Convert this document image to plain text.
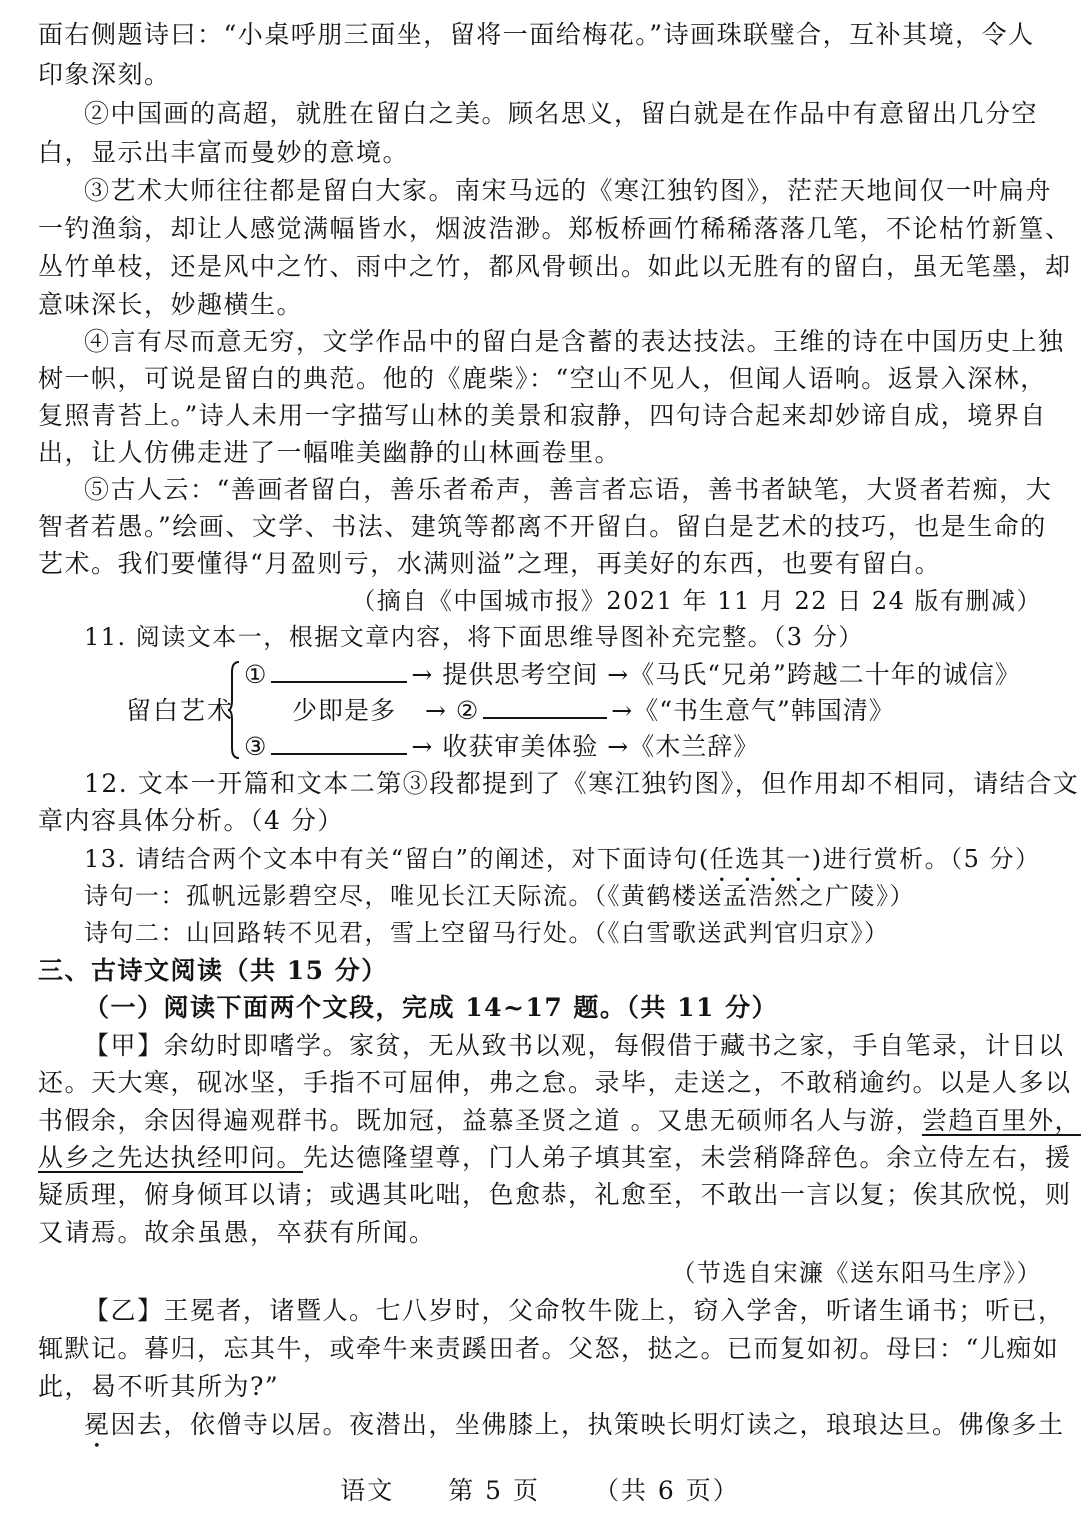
面右侧题诗曰：“小桌呼朋三面坐，留将一面给梅花。”诗画珠联璧合，互补其境，令人
印象深刻。
②中国画的高超，就胜在留白之美。顾名思义，留白就是在作品中有意留出几分空
白，显示出丰富而曼妙的意境。
③艺术大师往往都是留白大家。南宋马远的《寒江独钓图》，茫茫天地间仅一叶扁舟
一钓渔翁，却让人感觉满幅皆水，烟波浩渺。郑板桥画竹稀稀落落几笔，不论枯竹新篁、
丛竹单枝，还是风中之竹、雨中之竹，都风骨顿出。如此以无胜有的留白，虽无笔墨，却
意味深长，妙趣横生。
④言有尽而意无穷，文学作品中的留白是含蓄的表达技法。王维的诗在中国历史上独
树一帜，可说是留白的典范。他的《鹿柴》：“空山不见人，但闻人语响。返景入深林，
复照青苔上。”诗人未用一字描写山林的美景和寂静，四句诗合起来却妙谛自成，境界自
出，让人仿佛走进了一幅唯美幽静的山林画卷里。
⑤古人云：“善画者留白，善乐者希声，善言者忘语，善书者缺笔，大贤者若痴，大
智者若愚。”绘画、文学、书法、建筑等都离不开留白。留白是艺术的技巧，也是生命的
艺术。我们要懂得“月盈则亏，水满则溢”之理，再美好的东西，也要有留白。
（摘自《中国城市报》2021 年 11 月 22 日 24 版有删减）
11. 阅读文本一，根据文章内容，将下面思维导图补充完整。（3 分）
留白艺术
①	→ 提供思考空间 →《马氏“兄弟”跨越二十年的诚信》
少即是多 → ②	→《“书生意气”韩国清》
③	→ 收获审美体验 →《木兰辞》
12. 文本一开篇和文本二第③段都提到了《寒江独钓图》，但作用却不相同，请结合文
章内容具体分析。（4 分）
13. 请结合两个文本中有关“留白”的阐述，对下面诗句(任选其一)进行赏析。（5 分）
诗句一：孤帆远影碧空尽，唯见长江天际流。（《黄鹤楼送孟浩然之广陵》）
诗句二：山回路转不见君，雪上空留马行处。（《白雪歌送武判官归京》）
三、古诗文阅读（共 15 分）
（一）阅读下面两个文段，完成 14~17 题。（共 11 分）
【甲】余幼时即嗜学。家贫，无从致书以观，每假借于藏书之家，手自笔录，计日以
还。天大寒，砚冰坚，手指不可屈伸，弗之怠。录毕，走送之，不敢稍逾约。以是人多以
书假余，余因得遍观群书。既加冠，益慕圣贤之道 。又患无硕师名人与游，尝趋百里外，
从乡之先达执经叩问。先达德隆望尊，门人弟子填其室，未尝稍降辞色。余立侍左右，援
疑质理，俯身倾耳以请；或遇其叱咄，色愈恭，礼愈至，不敢出一言以复；俟其欣悦，则
又请焉。故余虽愚，卒获有所闻。
（节选自宋濂《送东阳马生序》）
【乙】王冕者，诸暨人。七八岁时，父命牧牛陇上，窃入学舍，听诸生诵书；听已，
辄默记。暮归，忘其牛，或牵牛来责蹊田者。父怒，挞之。已而复如初。母曰：“儿痴如
此，曷不听其所为?”
冕因去，依僧寺以居。夜潜出，坐佛膝上，执策映长明灯读之，琅琅达旦。佛像多土
语文 第 5 页 （共 6 页）
